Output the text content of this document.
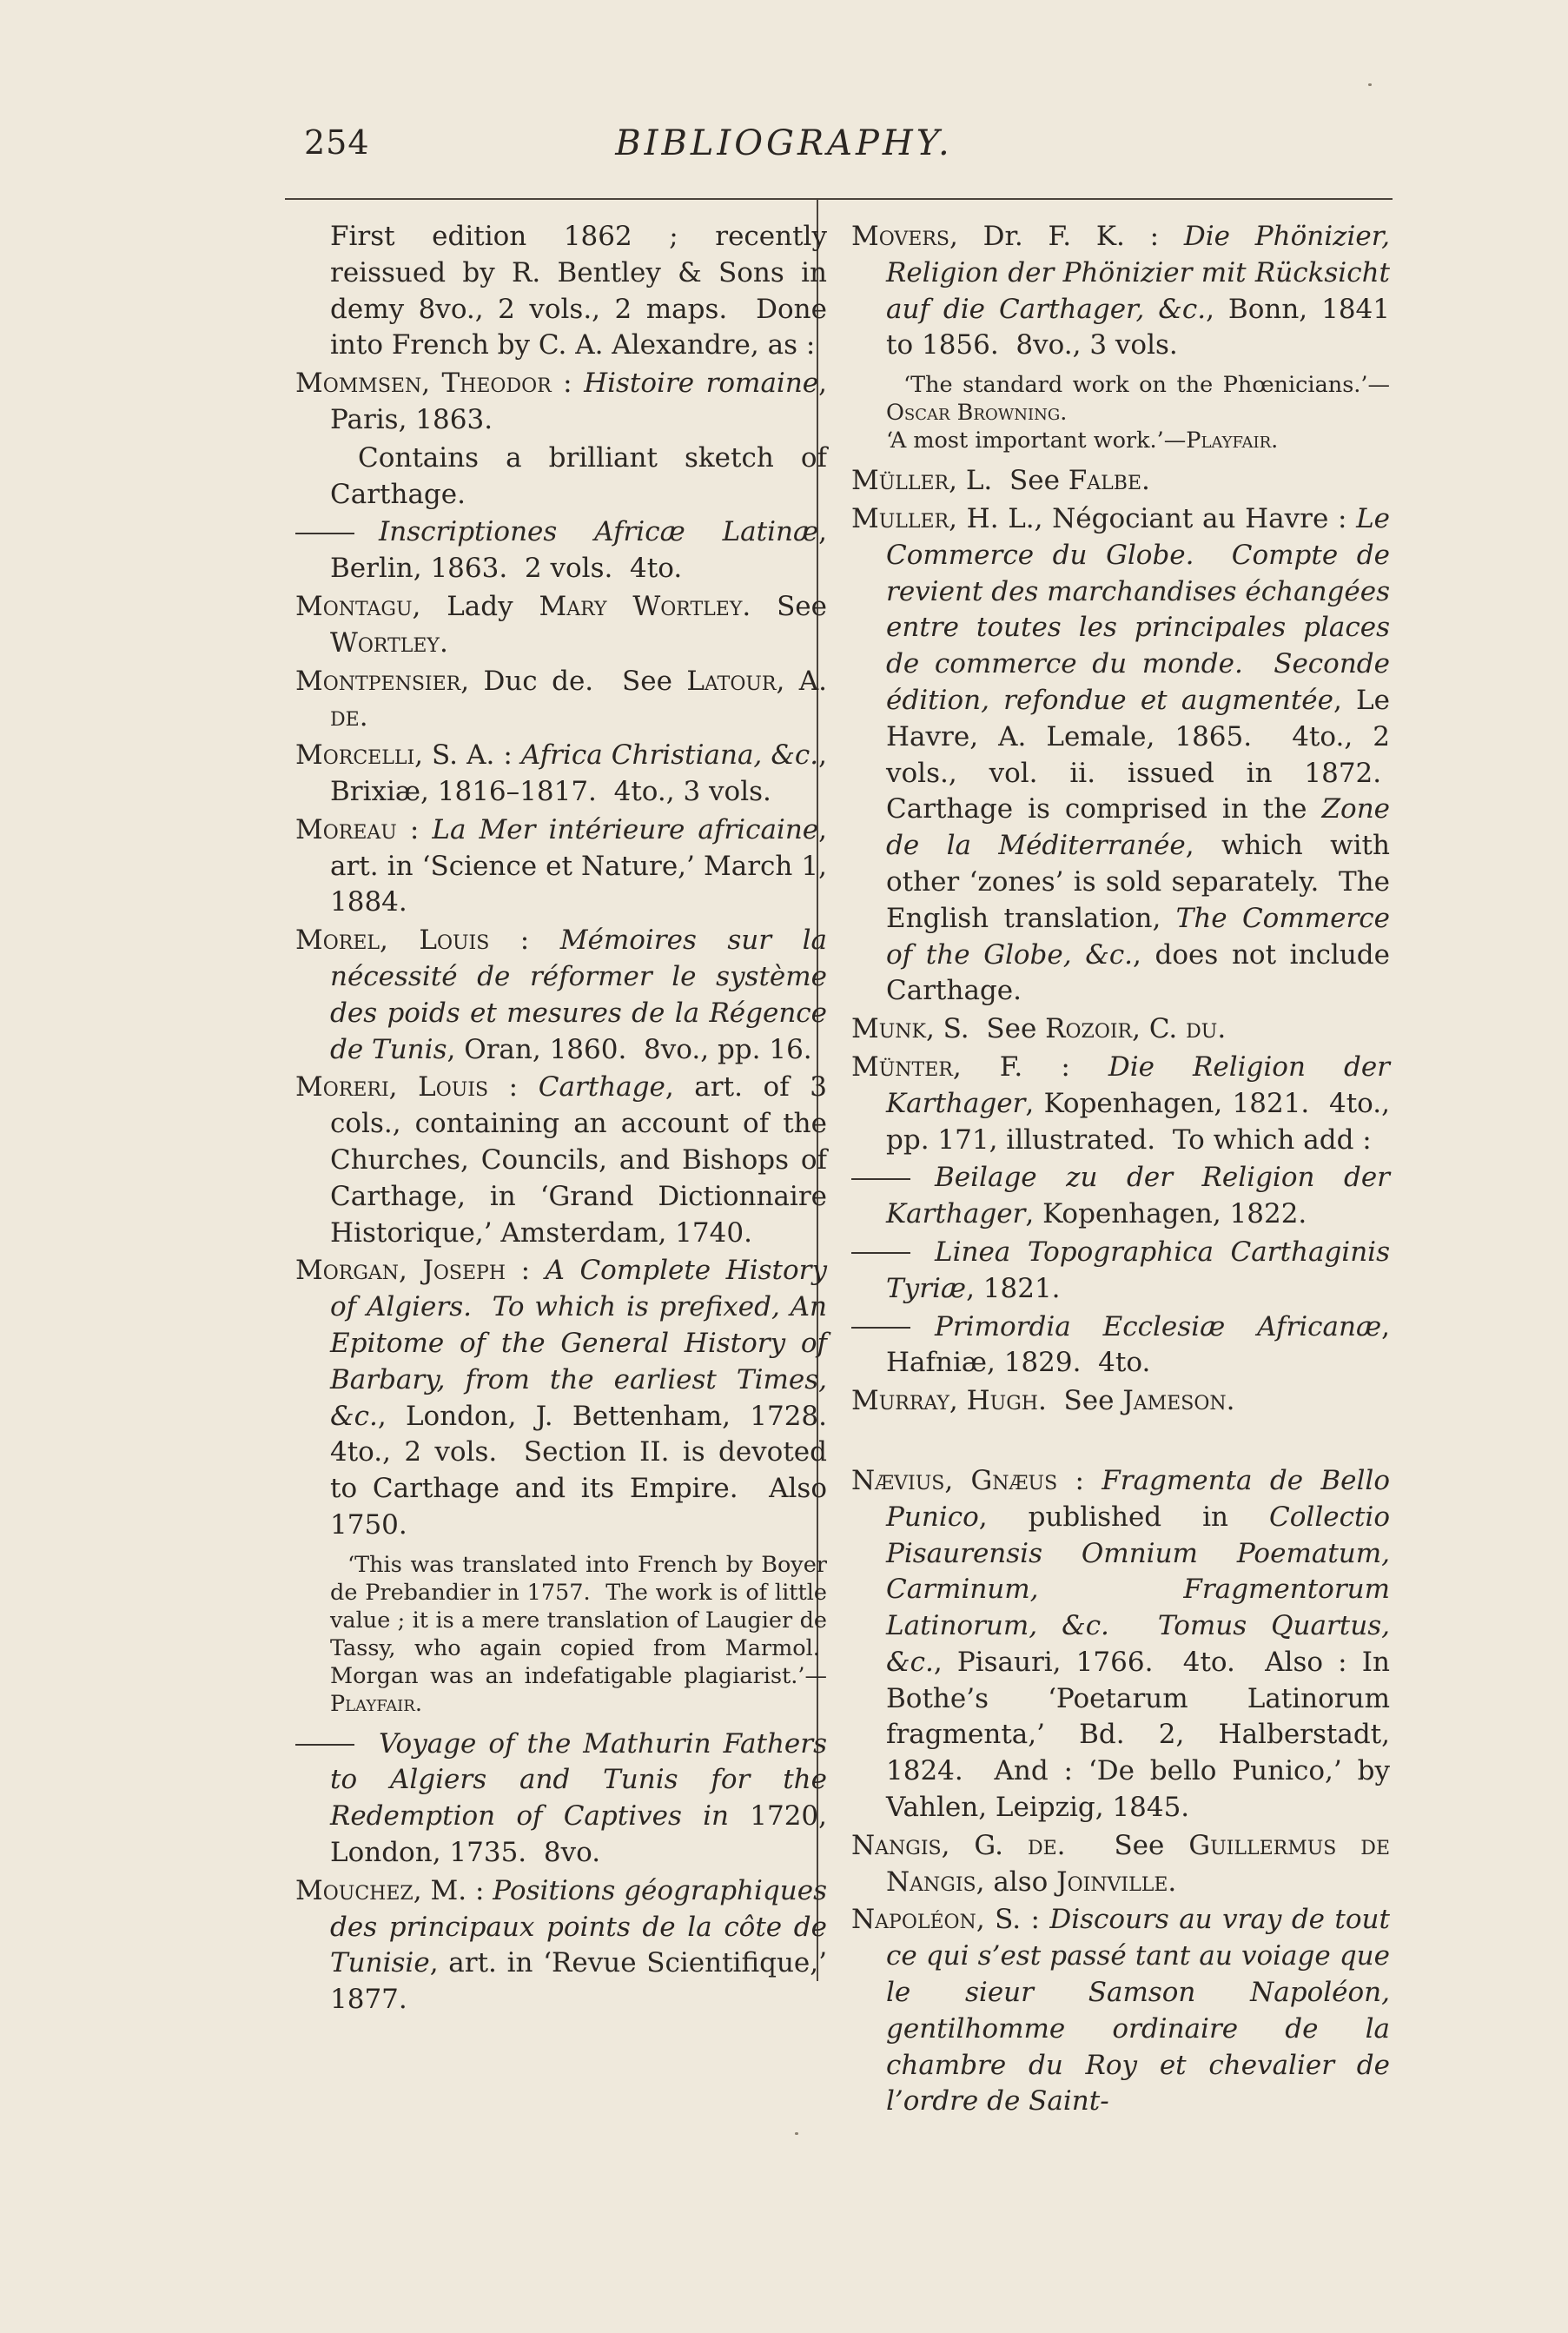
254	BIBLIOGRAPHY.
First edition 1862 ; recently reissued by R. Bentley & Sons in demy 8vo., 2 vols., 2 maps.  Done into French by C. A. Alexandre, as :
Mommsen, Theodor : Histoire romaine, Paris, 1863.
Contains a brilliant sketch of Carthage.
Inscriptiones Africæ Latinæ, Berlin, 1863.  2 vols.  4to.
Montagu, Lady Mary Wortley. See Wortley.
Montpensier, Duc de.  See Latour, A. de.
Morcelli, S. A. : Africa Christiana, &c., Brixiæ, 1816–1817.  4to., 3 vols.
Moreau : La Mer intérieure africaine, art. in ‘Science et Nature,’ March 1, 1884.
Morel, Louis : Mémoires sur la nécessité de réformer le système des poids et mesures de la Régence de Tunis, Oran, 1860.  8vo., pp. 16.
Moreri, Louis : Carthage, art. of 3 cols., containing an account of the Churches, Councils, and Bishops of Carthage, in ‘Grand Dictionnaire Historique,’ Amsterdam, 1740.
Morgan, Joseph : A Complete History of Algiers.  To which is prefixed, An Epitome of the General History of Barbary, from the earliest Times, &c., London, J. Bettenham, 1728. 4to., 2 vols.  Section II. is devoted to Carthage and its Empire.  Also 1750.
‘This was translated into French by Boyer de Prebandier in 1757.  The work is of little value ; it is a mere translation of Laugier de Tassy, who again copied from Marmol.  Morgan was an indefatigable plagiarist.’—Playfair.
Voyage of the Mathurin Fathers to Algiers and Tunis for the Redemption of Captives in 1720, London, 1735.  8vo.
Mouchez, M. : Positions géographiques des principaux points de la côte de Tunisie, art. in ‘Revue Scientifique,’ 1877.
Movers, Dr. F. K. : Die Phönizier, Religion der Phönizier mit Rücksicht auf die Carthager, &c., Bonn, 1841 to 1856.  8vo., 3 vols.
‘The standard work on the Phœnicians.’—Oscar Browning.
‘A most important work.’—Playfair.
Müller, L.  See Falbe.
Muller, H. L., Négociant au Havre : Le Commerce du Globe.  Compte de revient des marchandises échangées entre toutes les principales places de commerce du monde.  Seconde édition, refondue et augmentée, Le Havre, A. Lemale, 1865.  4to., 2 vols., vol. ii. issued in 1872.  Carthage is comprised in the Zone de la Méditerranée, which with other ‘zones’ is sold separately.  The English translation, The Commerce of the Globe, &c., does not include Carthage.
Munk, S.  See Rozoir, C. du.
Münter, F. : Die Religion der Karthager, Kopenhagen, 1821.  4to., pp. 171, illustrated.  To which add :
Beilage zu der Religion der Karthager, Kopenhagen, 1822.
Linea Topographica Carthaginis Tyriæ, 1821.
Primordia Ecclesiæ Africanæ, Hafniæ, 1829.  4to.
Murray, Hugh.  See Jameson.
Nævius, Gnæus : Fragmenta de Bello Punico, published in Collectio Pisaurensis Omnium Poematum, Carminum, Fragmentorum Latinorum, &c.  Tomus Quartus, &c., Pisauri, 1766.  4to.  Also : In Bothe’s ‘Poetarum Latinorum fragmenta,’ Bd. 2, Halberstadt, 1824.  And : ‘De bello Punico,’ by Vahlen, Leipzig, 1845.
Nangis, G. de.  See Guillermus de Nangis, also Joinville.
Napoléon, S. : Discours au vray de tout ce qui s’est passé tant au voiage que le sieur Samson Napoléon, gentilhomme ordinaire de la chambre du Roy et chevalier de l’ordre de Saint-
